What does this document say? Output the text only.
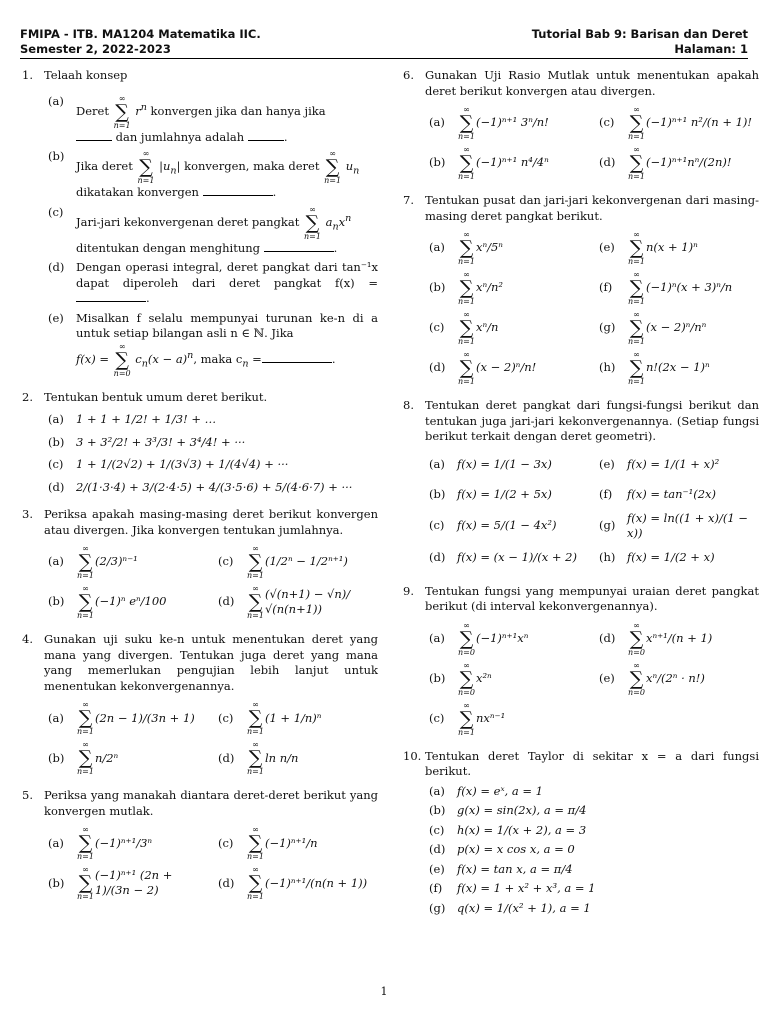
FMIPA - ITB. MA1204 Matematika IIC.
Semester 2, 2022-2023
Tutorial Bab 9: Barisan dan Deret
Halaman: 1
1. Telaah konsep
(a)
Deret
∞
∑
n=1
$r^n$ konvergen jika dan hanya jika
dan jumlahnya adalah	.
(b)
Jika deret
∞
∑
n=1
$|u_n|$ konvergen, maka deret
∞
∑
n=1
$u_n$
dikatakan konvergen	.
(c)
Jari-jari kekonvergenan deret pangkat
∞
∑
n=1
$a_nx^n$
ditentukan dengan menghitung	.
(d)	Dengan operasi integral, deret pangkat dari tan⁻¹x dapat diperoleh dari deret pangkat f(x) = .
(e)	Misalkan f selalu mempunyai turunan ke-n di a untuk setiap bilangan asli n ∈ ℕ. Jika
f(x) =
∞
∑
n=0
$c_n(x - a)^n$, maka $c_n$ =	.
2. Tentukan bentuk umum deret berikut.
(a)	1 + 1 + 1/2! + 1/3! + …
(b)	3 + 3²/2! + 3³/3! + 3⁴/4! + ···
(c)	1 + 1/(2√2) + 1/(3√3) + 1/(4√4) + ···
(d)	2/(1·3·4) + 3/(2·4·5) + 4/(3·5·6) + 5/(4·6·7) + ···
3. Periksa apakah masing-masing deret berikut konvergen atau divergen. Jika konvergen tentukan jumlahnya.
(a)
∞
∑
n=1
(2/3)ⁿ⁻¹	(c)
∞
∑
n=1
(1/2ⁿ − 1/2ⁿ⁺¹)
(b)
∞
∑
n=1
(−1)ⁿ eⁿ/100	(d)
∞
∑
n=1
(√(n+1) − √n)/√(n(n+1))
4. Gunakan uji suku ke-n untuk menentukan deret yang mana yang divergen. Tentukan juga deret yang mana yang memerlukan pengujian lebih lanjut untuk menentukan kekonvergenannya.
(a)
∞
∑
n=1
(2n − 1)/(3n + 1)	(c)
∞
∑
n=1
(1 + 1/n)ⁿ
(b)
∞
∑
n=1
n/2ⁿ	(d)
∞
∑
n=1
ln n/n
5. Periksa yang manakah diantara deret-deret berikut yang konvergen mutlak.
(a)
∞
∑
n=1
(−1)ⁿ⁺¹/3ⁿ	(c)
∞
∑
n=1
(−1)ⁿ⁺¹/n
(b)
∞
∑
n=1
(−1)ⁿ⁺¹ (2n + 1)/(3n − 2)
(d)
∞
∑
n=1
(−1)ⁿ⁺¹/(n(n + 1))
6. Gunakan Uji Rasio Mutlak untuk menentukan apakah deret berikut konvergen atau divergen.
(a)
∞
∑
n=1
(−1)ⁿ⁺¹ 3ⁿ/n!	(c)
∞
∑
n=1
(−1)ⁿ⁺¹ n²/(n + 1)!
(b)
∞
∑
n=1
(−1)ⁿ⁺¹ n⁴/4ⁿ	(d)
∞
∑
n=1
(−1)ⁿ⁺¹nⁿ/(2n)!
7. Tentukan pusat dan jari-jari kekonvergenan dari masing-masing deret pangkat berikut.
(a)
∞
∑
n=1
xⁿ/5ⁿ	(e)
∞
∑
n=1
n(x + 1)ⁿ
(b)
∞
∑
n=1
xⁿ/n²	(f)
∞
∑
n=1
(−1)ⁿ(x + 3)ⁿ/n
(c)
∞
∑
n=1
xⁿ/n	(g)
∞
∑
n=1
(x − 2)ⁿ/nⁿ
(d)
∞
∑
n=1
(x − 2)ⁿ/n!	(h)
∞
∑
n=1
n!(2x − 1)ⁿ
8. Tentukan deret pangkat dari fungsi-fungsi berikut dan tentukan juga jari-jari kekonvergenannya. (Setiap fungsi berikut terkait dengan deret geometri).
(a)	f(x) = 1/(1 − 3x)	(e)	f(x) = 1/(1 + x)²
(b)	f(x) = 1/(2 + 5x)	(f)	f(x) = tan⁻¹(2x)
(c)	f(x) = 5/(1 − 4x²)	(g)
f(x) = ln((1 + x)/(1 − x))
(d)	f(x) = (x − 1)/(x + 2)	(h)	f(x) = 1/(2 + x)
9. Tentukan fungsi yang mempunyai uraian deret pangkat berikut (di interval kekonvergenannya).
(a)
∞
∑
n=0
(−1)ⁿ⁺¹xⁿ	(d)
∞
∑
n=0
xⁿ⁺¹/(n + 1)
(b)
∞
∑
n=0
x²ⁿ	(e)
∞
∑
n=0
xⁿ/(2ⁿ · n!)
(c)
∞
∑
n=1
nxⁿ⁻¹
10. Tentukan deret Taylor di sekitar x = a dari fungsi berikut.
(a)	f(x) = eˣ, a = 1
(b)	g(x) = sin(2x), a = π/4
(c)	h(x) = 1/(x + 2), a = 3
(d)	p(x) = x cos x, a = 0
(e)	f(x) = tan x, a = π/4
(f)	f(x) = 1 + x² + x³, a = 1
(g)	q(x) = 1/(x² + 1), a = 1
1
